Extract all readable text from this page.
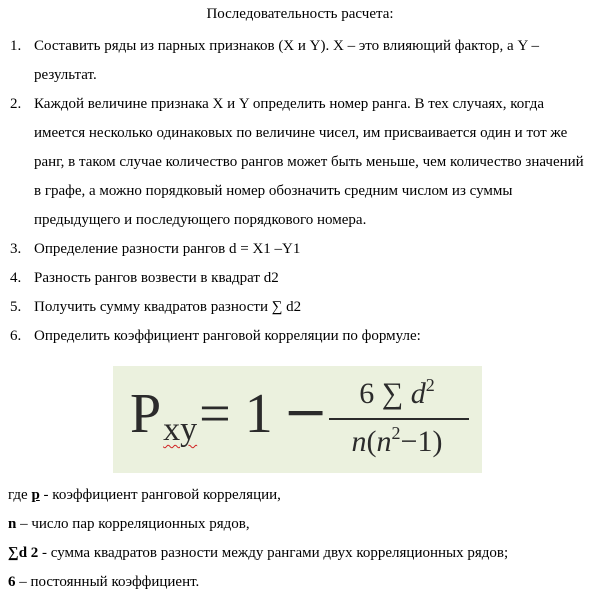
Последовательность расчета:
1. Составить ряды из парных признаков (X и Y). X – это влияющий фактор, а Y – результат.
2. Каждой величине признака X и Y определить номер ранга. В тех случаях, когда имеется несколько одинаковых по величине чисел, им присваивается один и тот же ранг, в таком случае количество рангов может быть меньше, чем количество значений в графе, а можно порядковый номер обозначить средним числом из суммы предыдущего и последующего порядкового номера.
3. Определение разности рангов d = X1 –Y1
4. Разность рангов возвести в квадрат d2
5. Получить сумму квадратов разности ∑ d2
6. Определить коэффициент ранговой корреляции по формуле:
Рxy= 1 −	6 ∑ $d^2$
$n(n^2-1)$
где р - коэффициент ранговой корреляции,
n – число пар корреляционных рядов,
∑d 2 - сумма квадратов разности между рангами двух корреляционных рядов;
6 – постоянный коэффициент.
